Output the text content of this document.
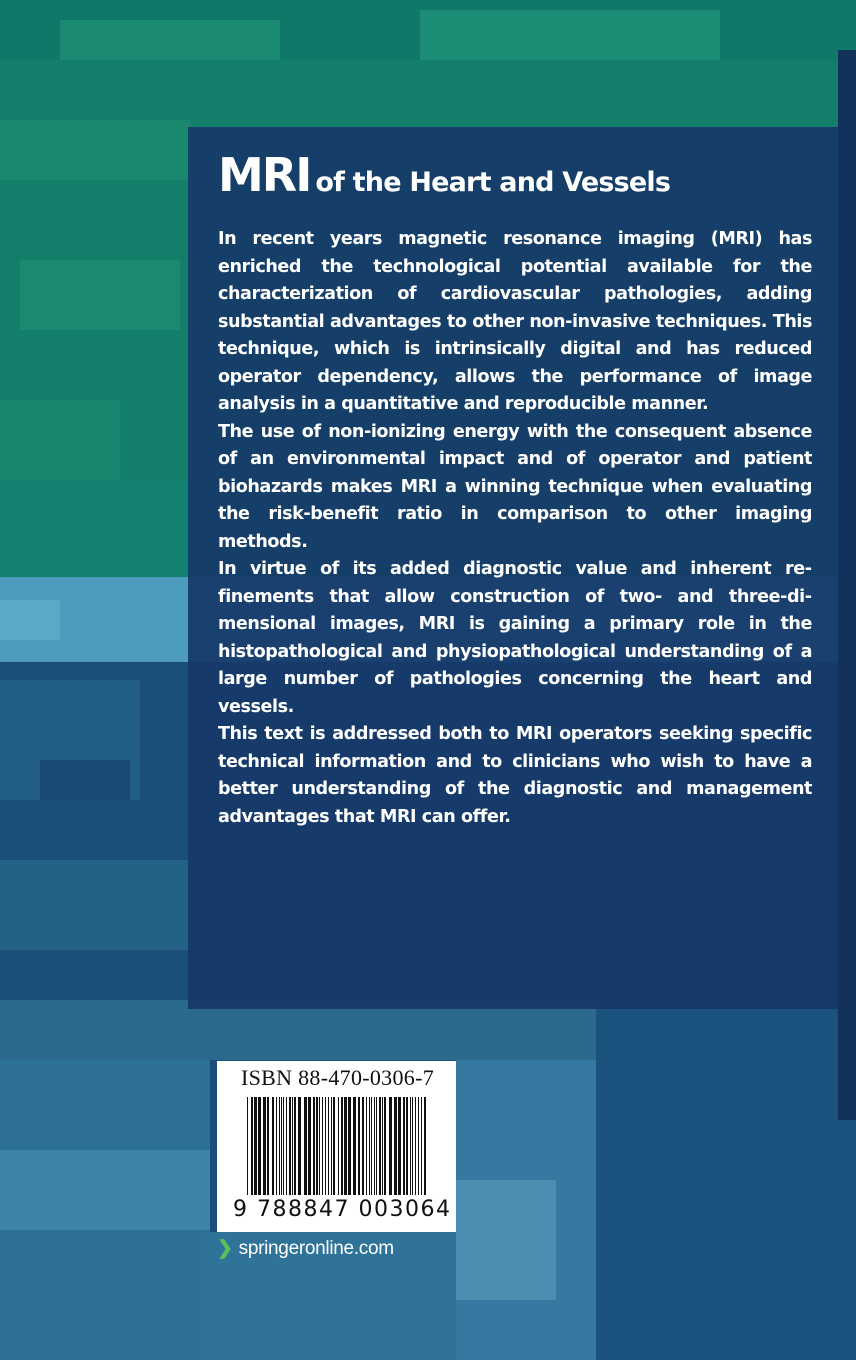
MRI of the Heart and Vessels

In recent years magnetic resonance imaging (MRI) has enriched the technological potential available for the characterization of cardiovascular pathologies, adding substantial advantages to other non-invasive techniques. This technique, which is intrinsically digital and has reduced operator dependency, allows the performance of image analysis in a quantitative and reproducible manner.

The use of non-ionizing energy with the consequent absence of an environmental impact and of operator and patient biohazards makes MRI a winning technique when evaluating the risk-benefit ratio in comparison to other imaging methods.

In virtue of its added diagnostic value and inherent refinements that allow construction of two- and three-dimensional images, MRI is gaining a primary role in the histopathological and physiopathological understanding of a large number of pathologies concerning the heart and vessels.

This text is addressed both to MRI operators seeking specific technical information and to clinicians who wish to have a better understanding of the diagnostic and management advantages that MRI can offer.

ISBN 88-470-0306-7
9 788847 003064
❯ springeronline.com
